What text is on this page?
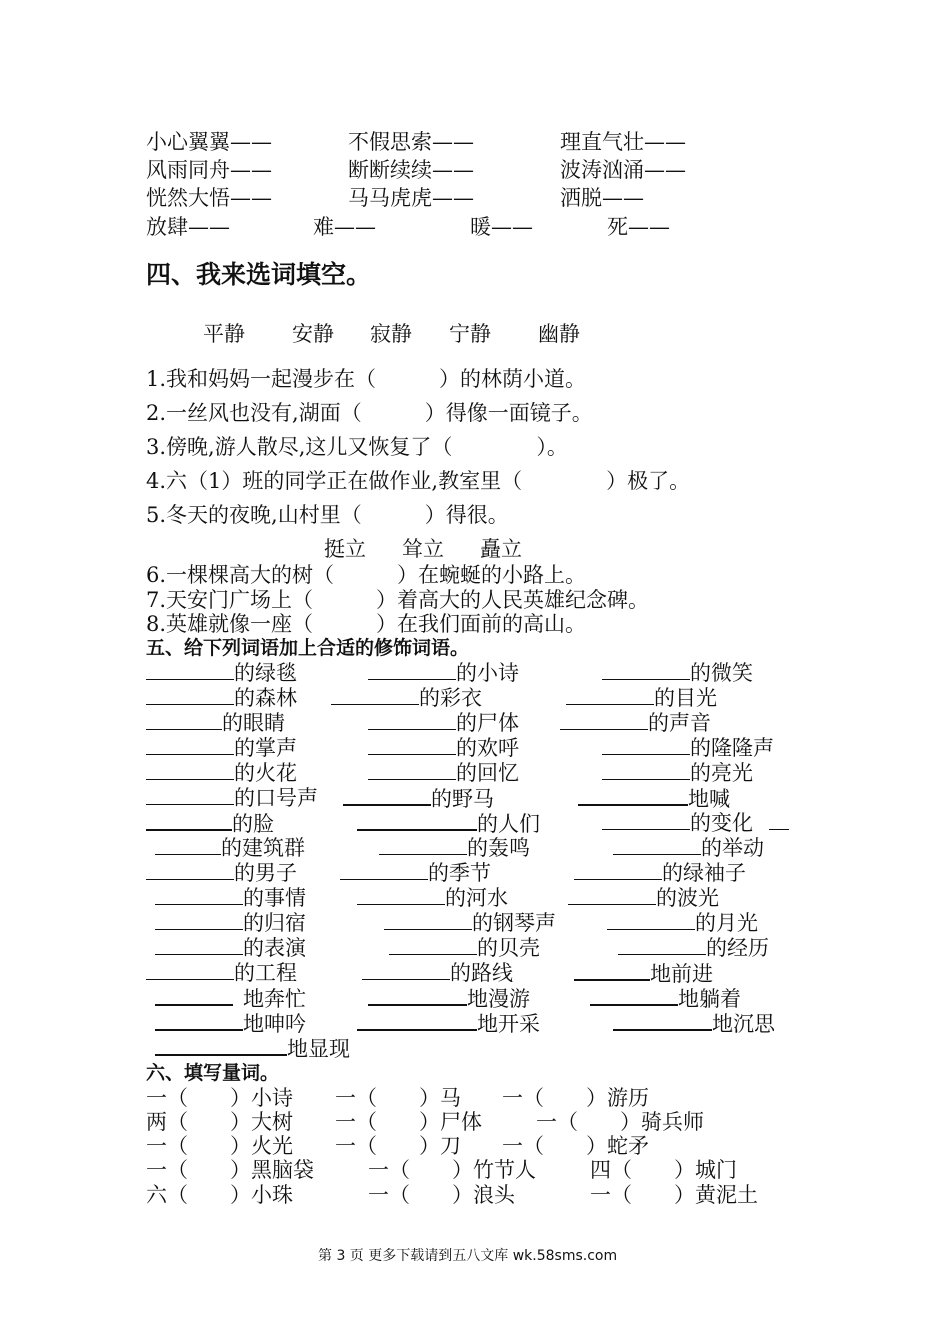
小心翼翼——	不假思索——	理直气壮——
风雨同舟——	断断续续——	波涛汹涌——
恍然大悟——	马马虎虎——	洒脱——
放肆——	难——	暖——	死——
四、我来选词填空。
平静 安静 寂静 宁静 幽静
1.我和妈妈一起漫步在（　　　）的林荫小道。
2.一丝风也没有,湖面（　　　）得像一面镜子。
3.傍晚,游人散尽,这儿又恢复了（　　　　）。
4.六（1）班的同学正在做作业,教室里（　　　　）极了。
5.冬天的夜晚,山村里（　　　）得很。
挺立 耸立 矗立
6.一棵棵高大的树（　　　）在蜿蜒的小路上。
7.天安门广场上（　　　）着高大的人民英雄纪念碑。
8.英雄就像一座（　　　）在我们面前的高山。
五、给下列词语加上合适的修饰词语。
的绿毯	的小诗	的微笑
的森林	的彩衣	的目光
的眼睛	的尸体	的声音
的掌声	的欢呼	的隆隆声
的火花	的回忆	的亮光
的口号声	的野马	地喊
的脸	的人们	的变化
的建筑群	的轰鸣	的举动
的男子	的季节	的绿袖子
的事情	的河水	的波光
的归宿	的钢琴声	的月光
的表演	的贝壳	的经历
的工程	的路线	地前进
地奔忙	地漫游	地躺着
地呻吟	地开采	地沉思
地显现
六、填写量词。
一（　　）小诗 一（　　）马 一（　　）游历
两（　　）大树 一（　　）尸体	一（　　）骑兵师
一（　　）火光 一（　　）刀 一（　　）蛇矛
一（　　）黑脑袋	一（　　）竹节人	四（　　）城门
六（　　）小珠	一（　　）浪头	一（　　）黄泥土
第 3 页 更多下载请到五八文库 wk.58sms.com
